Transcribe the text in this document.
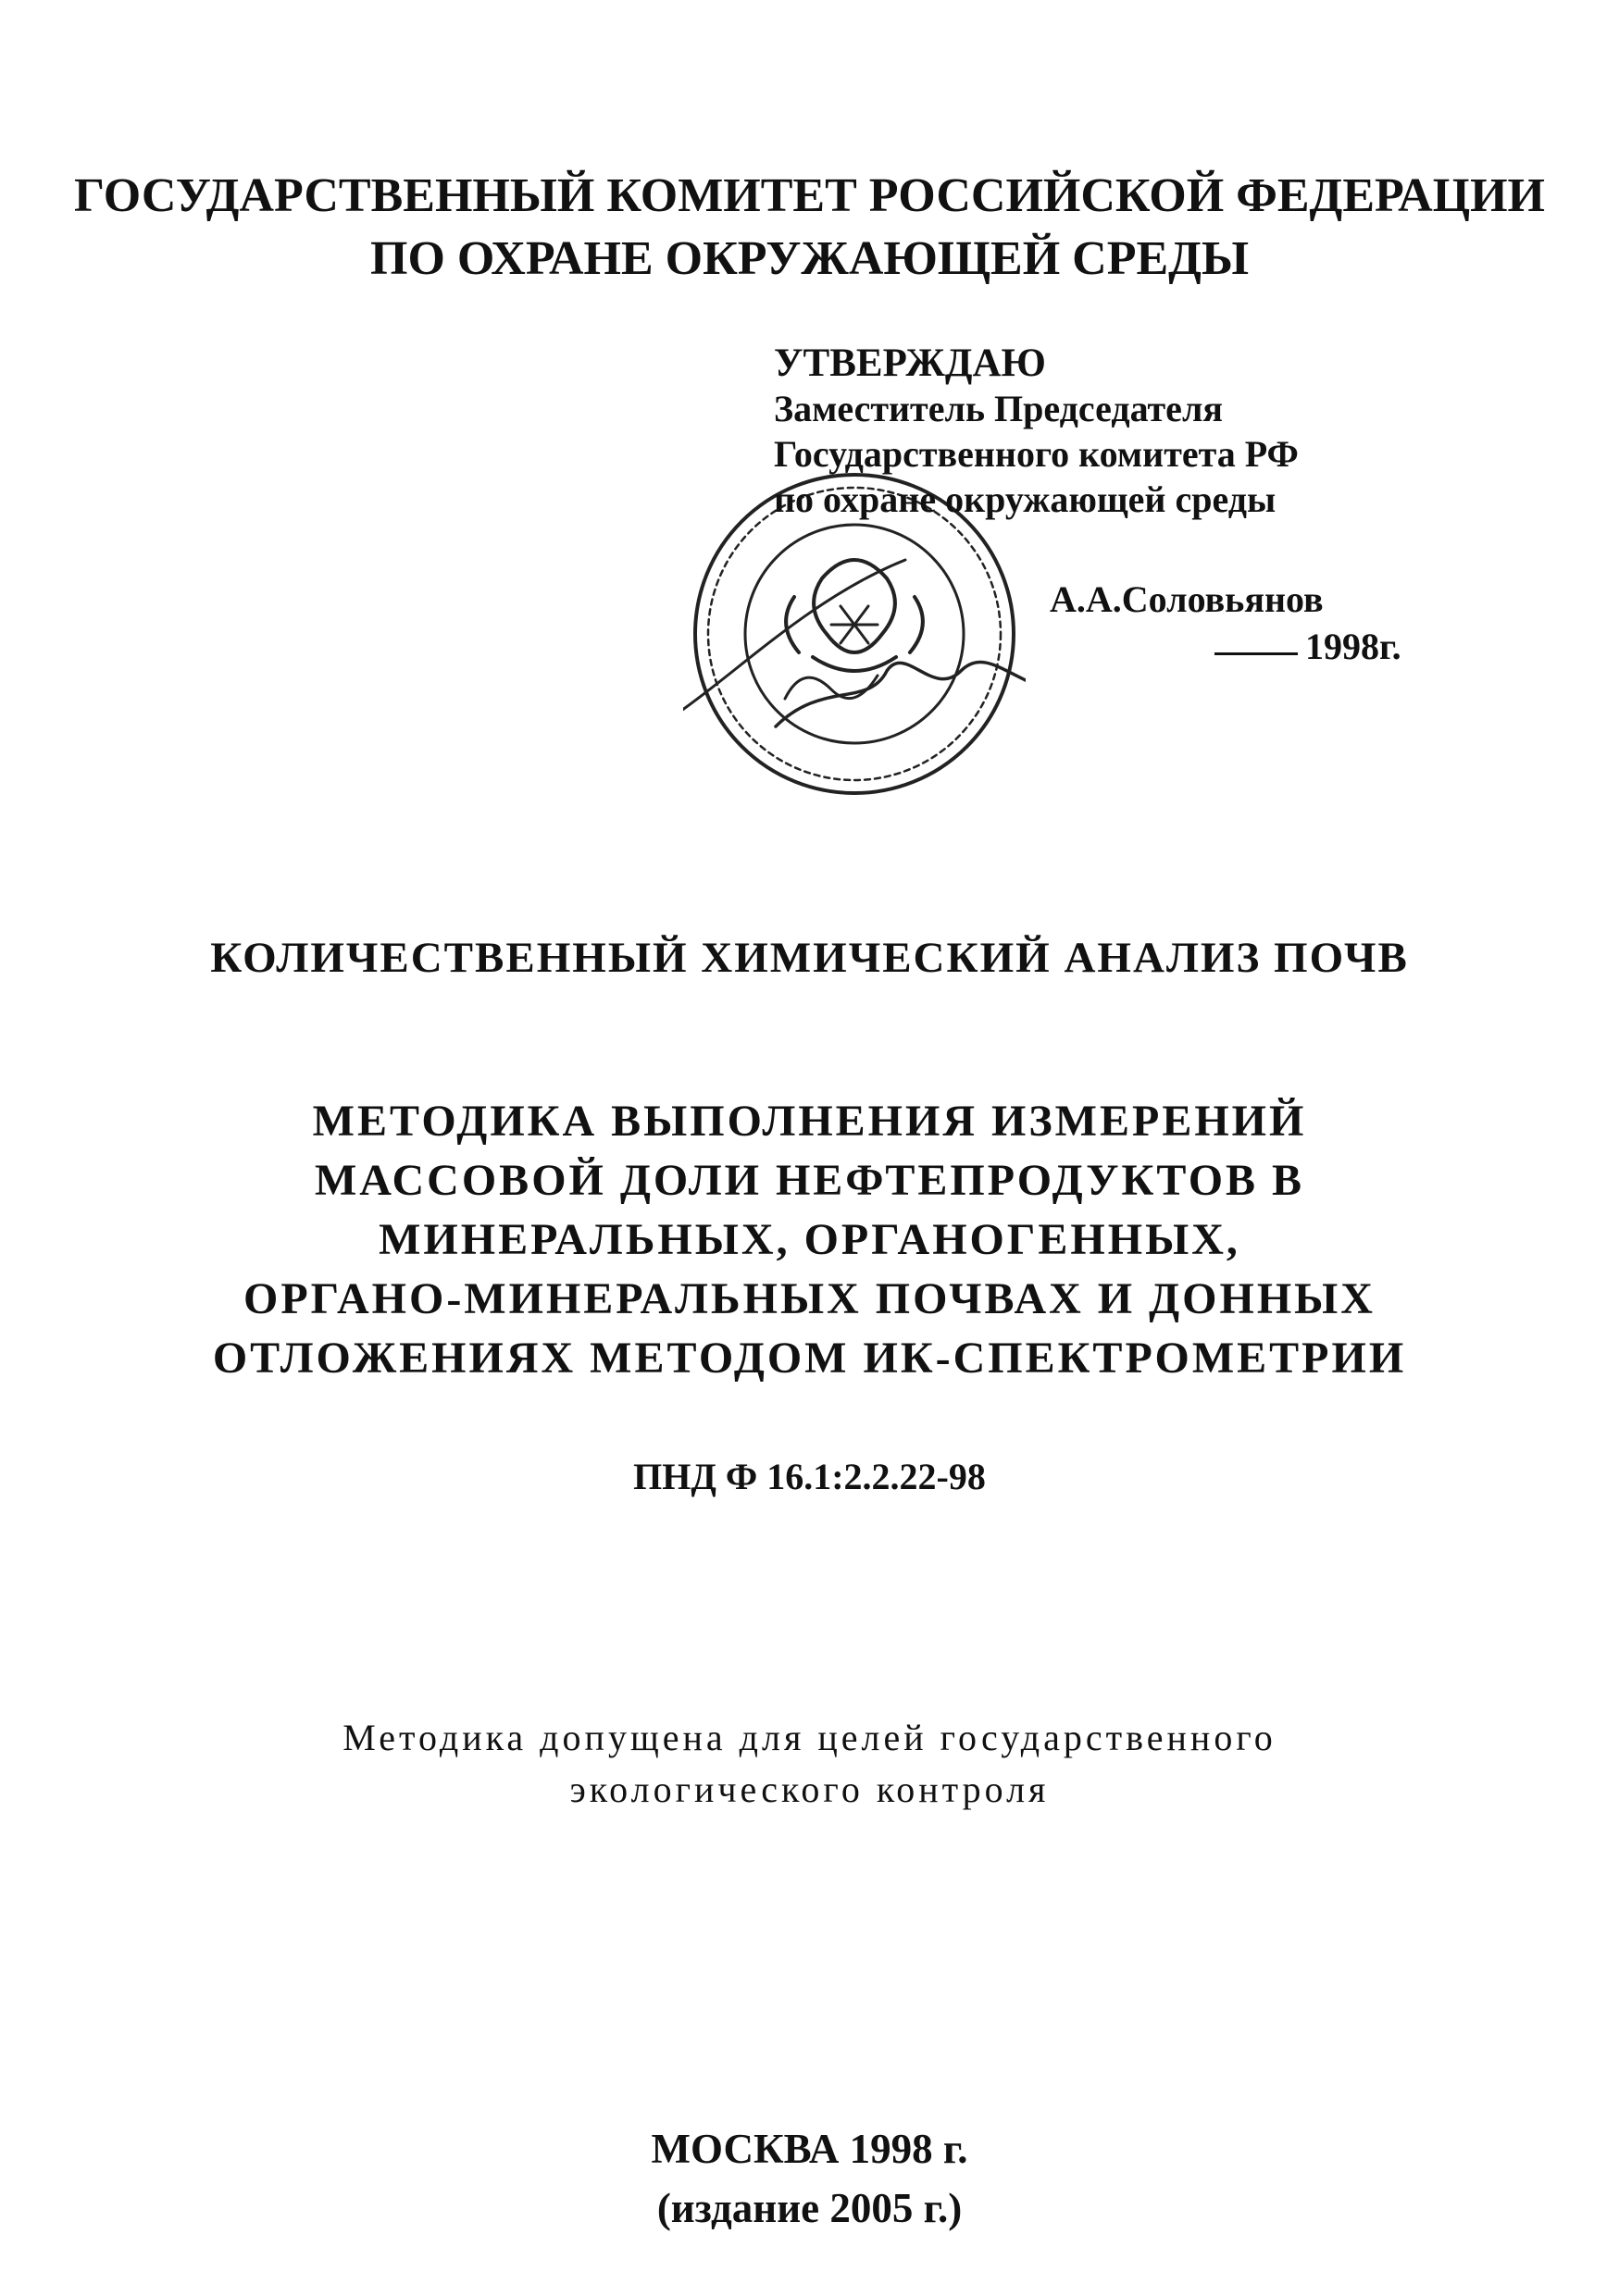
ГОСУДАРСТВЕННЫЙ КОМИТЕТ РОССИЙСКОЙ ФЕДЕРАЦИИ
ПО ОХРАНЕ ОКРУЖАЮЩЕЙ СРЕДЫ
УТВЕРЖДАЮ
Заместитель Председателя
Государственного комитета РФ
по охране окружающей среды
А.А.Соловьянов
1998г.
КОЛИЧЕСТВЕННЫЙ ХИМИЧЕСКИЙ АНАЛИЗ ПОЧВ
МЕТОДИКА ВЫПОЛНЕНИЯ ИЗМЕРЕНИЙ
МАССОВОЙ ДОЛИ НЕФТЕПРОДУКТОВ В
МИНЕРАЛЬНЫХ, ОРГАНОГЕННЫХ,
ОРГАНО-МИНЕРАЛЬНЫХ ПОЧВАХ И ДОННЫХ
ОТЛОЖЕНИЯХ МЕТОДОМ ИК-СПЕКТРОМЕТРИИ
ПНД Ф 16.1:2.2.22-98
Методика допущена для целей государственного
экологического контроля
МОСКВА 1998 г.
(издание 2005 г.)
